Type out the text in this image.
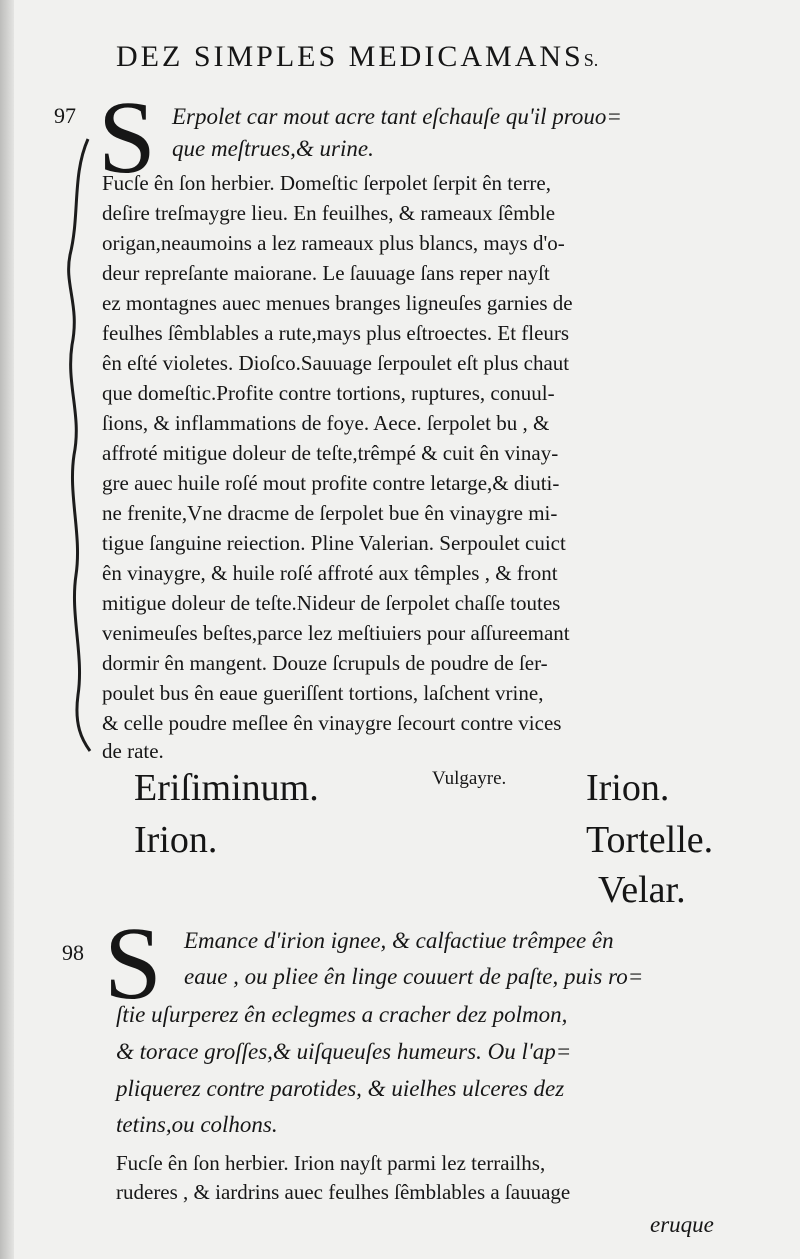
DEZ SIMPLES MEDICAMANSS.
97 S Erpolet car mout acre tant eſchauſe qu'il prouo=
que meſtrues,& urine.
Fucſe ên ſon herbier. Domeſtic ſerpolet ſerpit ên terre,
deſire treſmaygre lieu. En feuilhes, & rameaux ſêmble
origan,neaumoins a lez rameaux plus blancs, mays d'o-
deur repreſante maiorane. Le ſauuage ſans reper nayſt
ez montagnes auec menues branges ligneuſes garnies de
feulhes ſêmblables a rute,mays plus eſtroectes. Et fleurs
ên eſté violetes. Dioſco.Sauuage ſerpoulet eſt plus chaut
que domeſtic.Profite contre tortions, ruptures, conuul-
ſions, & inflammations de foye. Aece. ſerpolet bu , &
affroté mitigue doleur de teſte,trêmpé & cuit ên vinay-
gre auec huile roſé mout profite contre letarge,& diuti-
ne frenite,Vne dracme de ſerpolet bue ên vinaygre mi-
tigue ſanguine reiection. Pline Valerian. Serpoulet cuict
ên vinaygre, & huile roſé affroté aux têmples , & front
mitigue doleur de teſte.Nideur de ſerpolet chaſſe toutes
venimeuſes beſtes,parce lez meſtiuiers pour aſſureemant
dormir ên mangent. Douze ſcrupuls de poudre de ſer-
poulet bus ên eaue gueriſſent tortions, laſchent vrine,
& celle poudre meſlee ên vinaygre ſecourt contre vices
de rate.
Eriſiminum.
Irion.
Vulgayre. Irion.
Tortelle.
Velar.
98 S Emance d'irion ignee, & calfactiue trêmpee ên
eaue , ou pliee ên linge couuert de paſte, puis ro=
ſtie uſurperez ên eclegmes a cracher dez polmon,
& torace groſſes,& uiſqueuſes humeurs. Ou l'ap=
pliquerez contre parotides, & uielhes ulceres dez
tetins,ou colhons.
Fucſe ên ſon herbier. Irion nayſt parmi lez terrailhs,
ruderes , & iardrins auec feulhes ſêmblables a ſauuage
eruque
